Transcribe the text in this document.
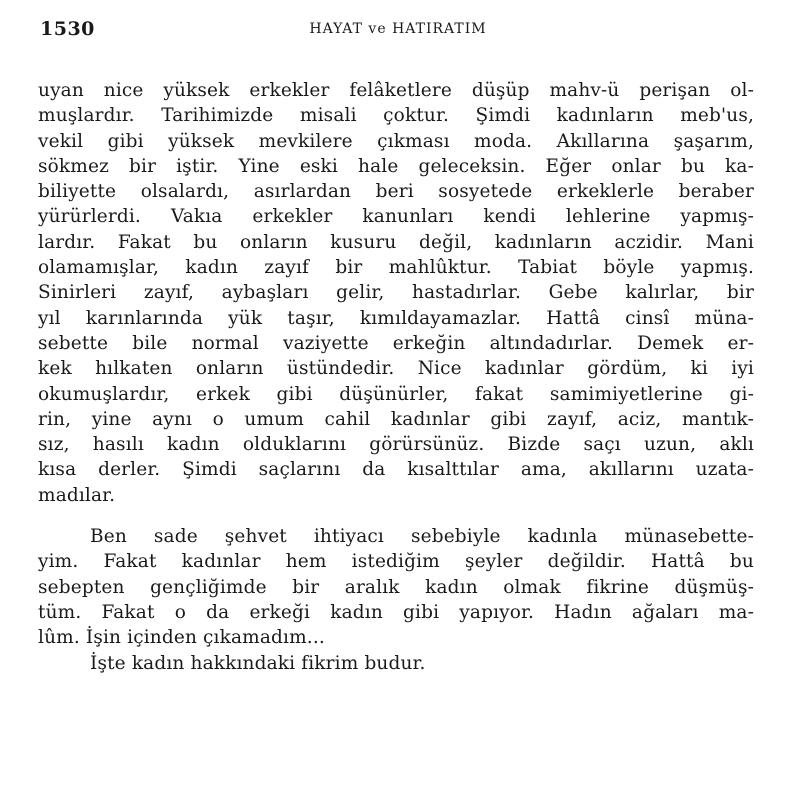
1530	HAYAT ve HATIRATIM
uyan nice yüksek erkekler felâketlere düşüp mahv-ü perişan ol-
muşlardır. Tarihimizde misali çoktur. Şimdi kadınların meb'us,
vekil gibi yüksek mevkilere çıkması moda. Akıllarına şaşarım,
sökmez bir iştir. Yine eski hale geleceksin. Eğer onlar bu ka-
biliyette olsalardı, asırlardan beri sosyetede erkeklerle beraber
yürürlerdi. Vakıa erkekler kanunları kendi lehlerine yapmış-
lardır. Fakat bu onların kusuru değil, kadınların aczidir. Mani
olamamışlar, kadın zayıf bir mahlûktur. Tabiat böyle yapmış.
Sinirleri zayıf, aybaşları gelir, hastadırlar. Gebe kalırlar, bir
yıl karınlarında yük taşır, kımıldayamazlar. Hattâ cinsî müna-
sebette bile normal vaziyette erkeğin altındadırlar. Demek er-
kek hılkaten onların üstündedir. Nice kadınlar gördüm, ki iyi
okumuşlardır, erkek gibi düşünürler, fakat samimiyetlerine gi-
rin, yine aynı o umum cahil kadınlar gibi zayıf, aciz, mantık-
sız, hasılı kadın olduklarını görürsünüz. Bizde saçı uzun, aklı
kısa derler. Şimdi saçlarını da kısalttılar ama, akıllarını uzata-
madılar.
Ben sade şehvet ihtiyacı sebebiyle kadınla münasebette-
yim. Fakat kadınlar hem istediğim şeyler değildir. Hattâ bu
sebepten gençliğimde bir aralık kadın olmak fikrine düşmüş-
tüm. Fakat o da erkeği kadın gibi yapıyor. Hadın ağaları ma-
lûm. İşin içinden çıkamadım...
İşte kadın hakkındaki fikrim budur.
